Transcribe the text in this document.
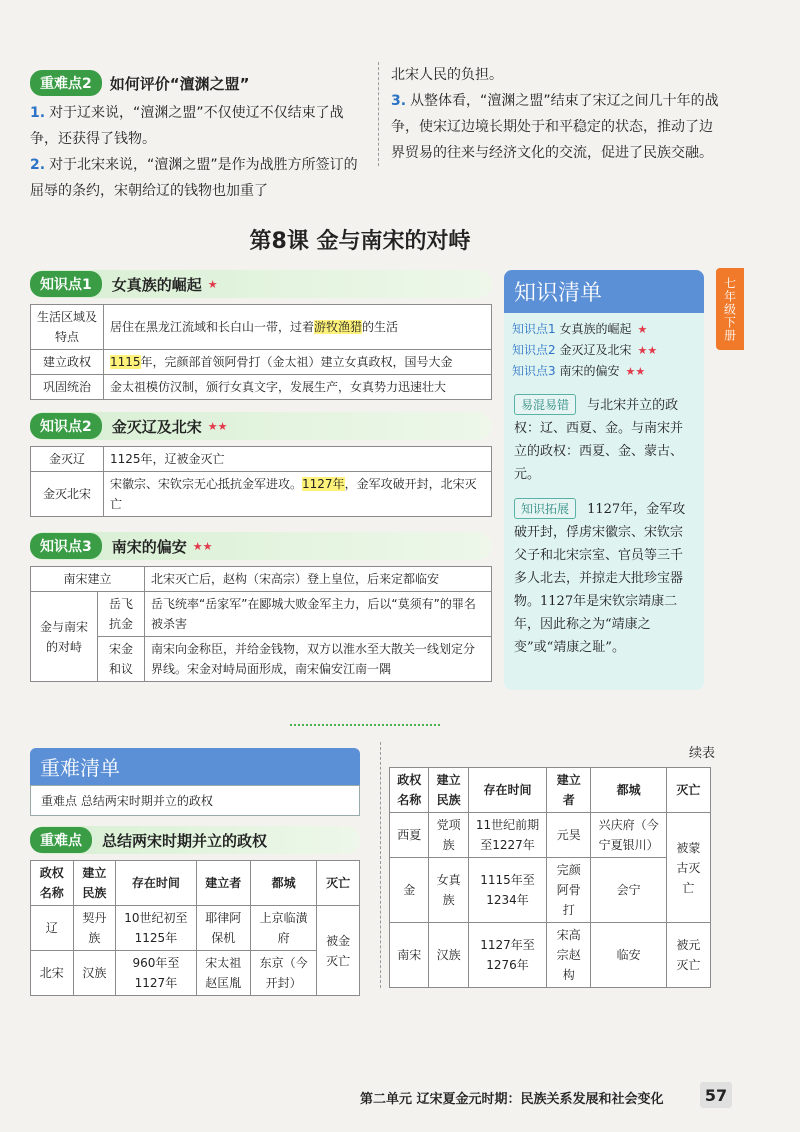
重难点2	如何评价“澶渊之盟”
1. 对于辽来说，“澶渊之盟”不仅使辽不仅结束了战争，还获得了钱物。
2. 对于北宋来说，“澶渊之盟”是作为战胜方所签订的屈辱的条约，宋朝给辽的钱物也加重了
北宋人民的负担。
3. 从整体看，“澶渊之盟”结束了宋辽之间几十年的战争，使宋辽边境长期处于和平稳定的状态，推动了边界贸易的往来与经济文化的交流，促进了民族交融。
七年级下册
第8课 金与南宋的对峙
知识点1	女真族的崛起 ★
生活区域及特点	居住在黑龙江流域和长白山一带，过着游牧渔猎的生活
建立政权	1115年，完颜部首领阿骨打（金太祖）建立女真政权，国号大金
巩固统治	金太祖模仿汉制，颁行女真文字，发展生产，女真势力迅速壮大
知识点2	金灭辽及北宋 ★★
金灭辽	1125年，辽被金灭亡
金灭北宋	宋徽宗、宋钦宗无心抵抗金军进攻。1127年，金军攻破开封，北宋灭亡
知识点3	南宋的偏安 ★★
南宋建立		北宋灭亡后，赵构（宋高宗）登上皇位，后来定都临安
金与南宋的对峙	岳飞抗金	岳飞统率“岳家军”在郾城大败金军主力，后以“莫须有”的罪名被杀害
	宋金和议	南宋向金称臣，并给金钱物，双方以淮水至大散关一线划定分界线。宋金对峙局面形成，南宋偏安江南一隅
知识清单
知识点1 女真族的崛起 ★
知识点2 金灭辽及北宋 ★★
知识点3 南宋的偏安 ★★
易混易错 与北宋并立的政权：辽、西夏、金。与南宋并立的政权：西夏、金、蒙古、元。
知识拓展 1127年，金军攻破开封，俘虏宋徽宗、宋钦宗父子和北宋宗室、官员等三千多人北去，并掠走大批珍宝器物。1127年是宋钦宗靖康二年，因此称之为“靖康之变”或“靖康之耻”。
重难清单
重难点 总结两宋时期并立的政权
重难点	总结两宋时期并立的政权
政权名称	建立民族	存在时间	建立者	都城	灭亡
辽	契丹族	10世纪初至1125年	耶律阿保机	上京临潢府	被金灭亡
北宋	汉族	960年至1127年	宋太祖赵匡胤	东京（今开封）	
续表
政权名称	建立民族	存在时间	建立者	都城	灭亡
西夏	党项族	11世纪前期至1227年	元昊	兴庆府（今宁夏银川）	被蒙古灭亡
金	女真族	1115年至1234年	完颜阿骨打	会宁	
南宋	汉族	1127年至1276年	宋高宗赵构	临安	被元灭亡
第二单元 辽宋夏金元时期：民族关系发展和社会变化	57
